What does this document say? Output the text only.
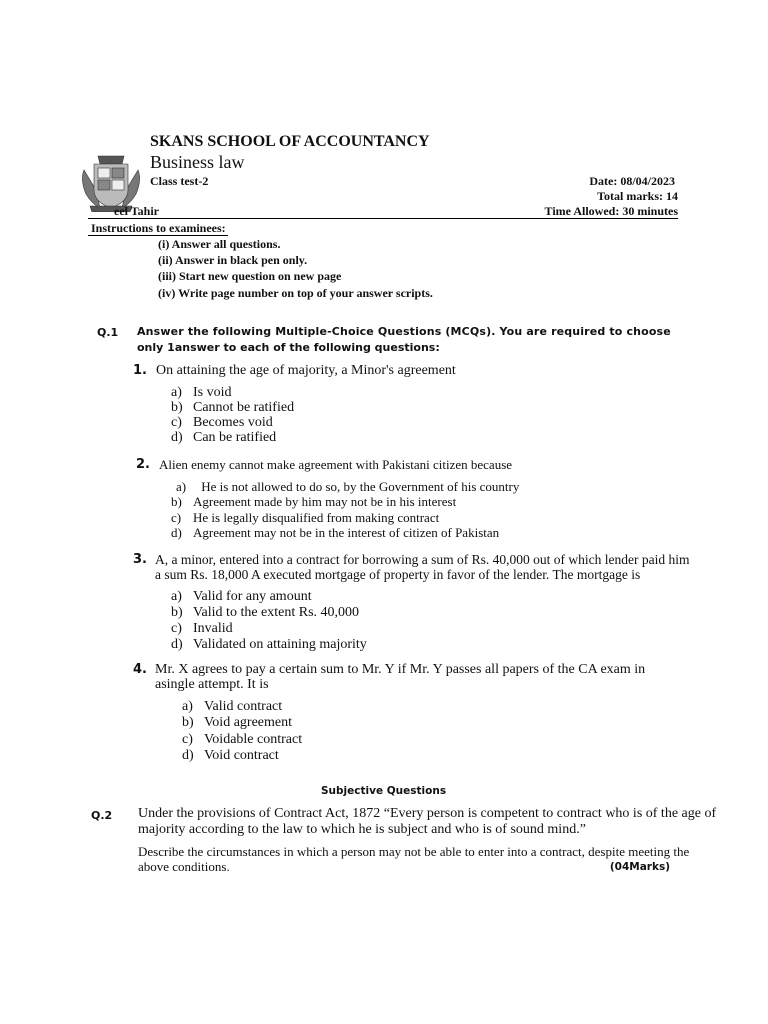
SKANS SCHOOL OF ACCOUNTANCY
Business law
Class test-2	Date: 08/04/2023
Total marks: 14
eel Tahir	Time Allowed: 30 minutes
Instructions to examinees:
(i) Answer all questions.
(ii) Answer in black pen only.
(iii) Start new question on new page
(iv) Write page number on top of your answer scripts.
Q.1 Answer the following Multiple-Choice Questions (MCQs). You are required to choose
only 1answer to each of the following questions:
1. On attaining the age of majority, a Minor's agreement
a) Is void
b) Cannot be ratified
c) Becomes void
d) Can be ratified
2. Alien enemy cannot make agreement with Pakistani citizen because
a) He is not allowed to do so, by the Government of his country
b) Agreement made by him may not be in his interest
c) He is legally disqualified from making contract
d) Agreement may not be in the interest of citizen of Pakistan
3. A, a minor, entered into a contract for borrowing a sum of Rs. 40,000 out of which lender paid him
a sum Rs. 18,000 A executed mortgage of property in favor of the lender. The mortgage is
a) Valid for any amount
b) Valid to the extent Rs. 40,000
c) Invalid
d) Validated on attaining majority
4. Mr. X agrees to pay a certain sum to Mr. Y if Mr. Y passes all papers of the CA exam in
asingle attempt. It is
a) Valid contract
b) Void agreement
c) Voidable contract
d) Void contract
Subjective Questions
Q.2 Under the provisions of Contract Act, 1872 “Every person is competent to contract who is of the age of
majority according to the law to which he is subject and who is of sound mind.”
Describe the circumstances in which a person may not be able to enter into a contract, despite meeting the
above conditions.	(04Marks)
